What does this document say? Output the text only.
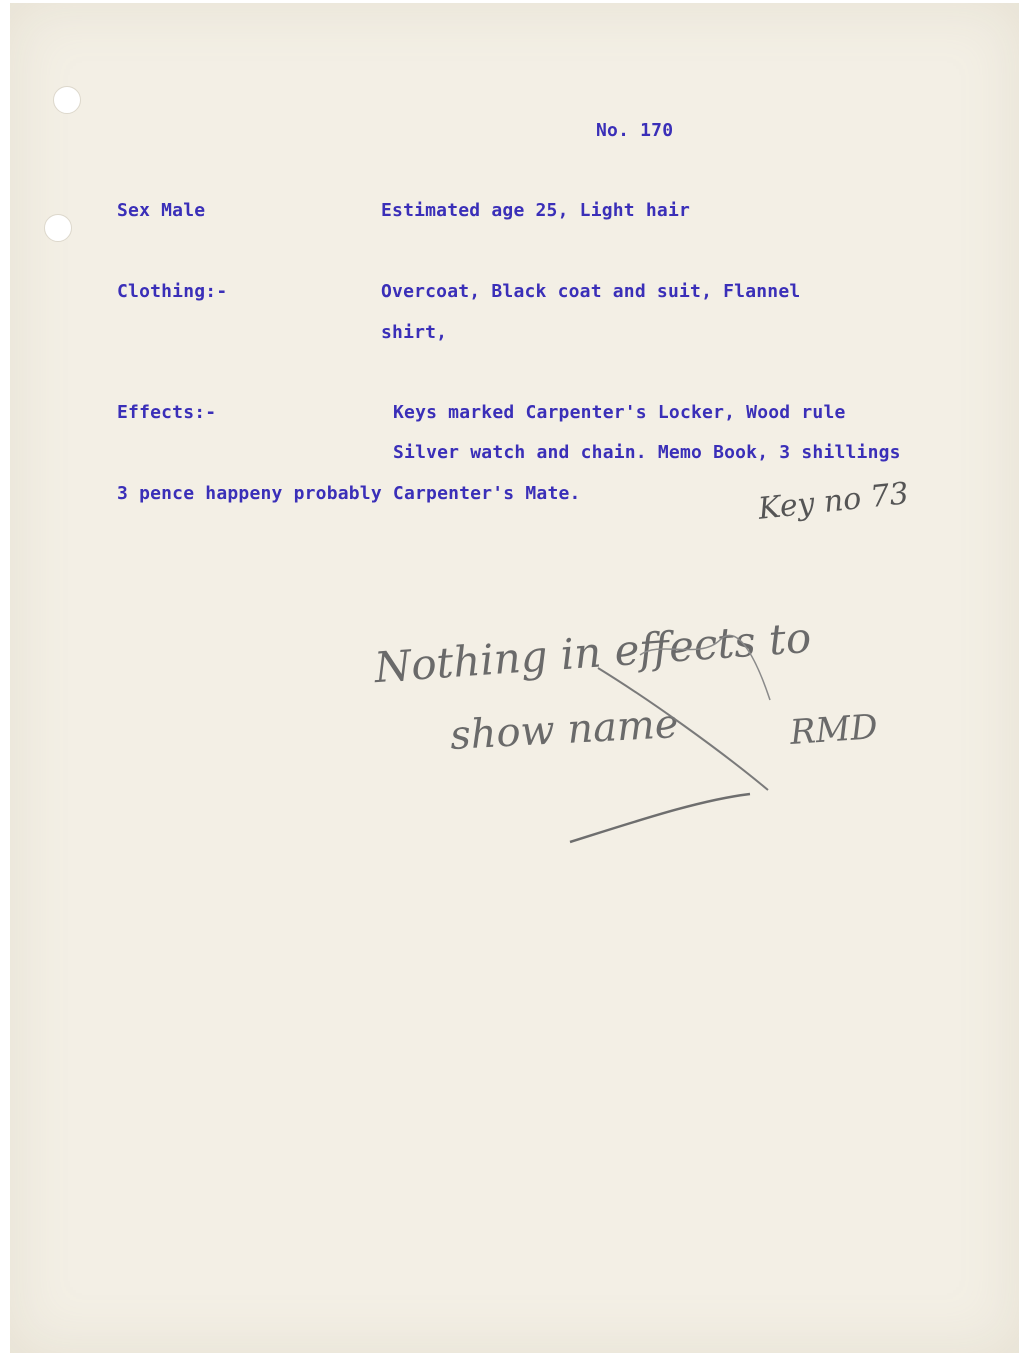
No. 170
Sex Male	Estimated age 25, Light hair
Clothing:-	Overcoat, Black coat and suit, Flannel
shirt,
Effects:-	Keys marked Carpenter's Locker, Wood rule
Silver watch and chain. Memo Book, 3 shillings
3 pence happeny probably Carpenter's Mate.	Key no 73
Nothing in effects to
show name	RMD
